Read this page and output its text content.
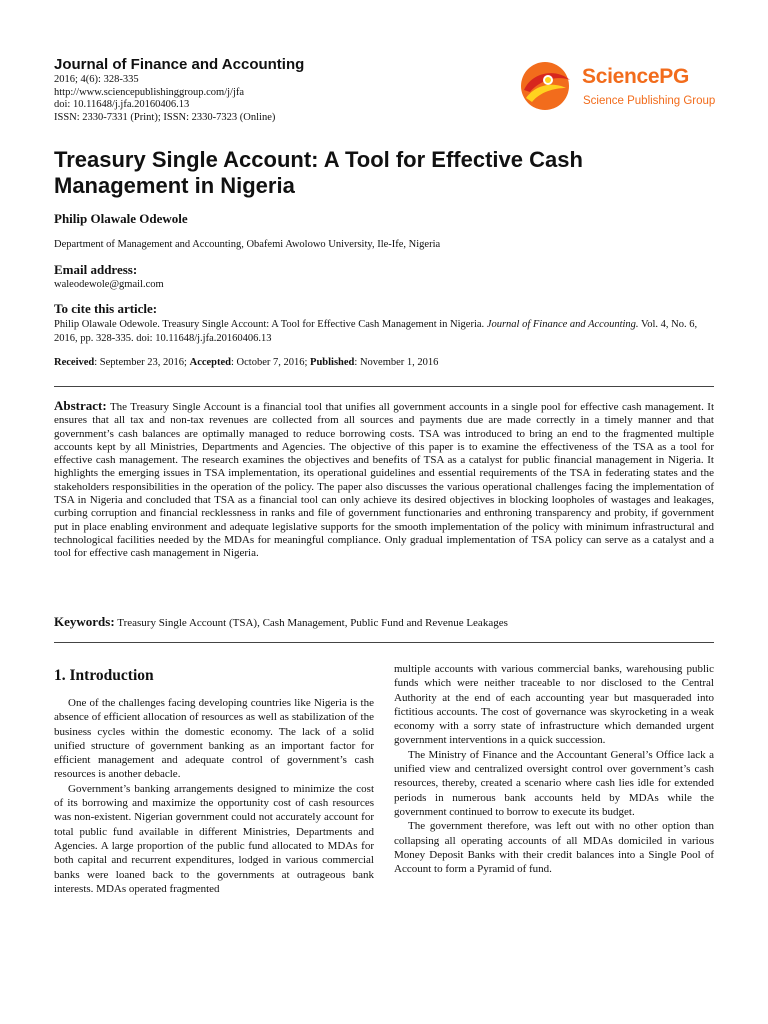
Journal of Finance and Accounting
2016; 4(6): 328-335
http://www.sciencepublishinggroup.com/j/jfa
doi: 10.11648/j.jfa.20160406.13
ISSN: 2330-7331 (Print); ISSN: 2330-7323 (Online)
SciencePG
Science Publishing Group
Treasury Single Account: A Tool for Effective Cash Management in Nigeria
Philip Olawale Odewole
Department of Management and Accounting, Obafemi Awolowo University, Ile-Ife, Nigeria
Email address:
waleodewole@gmail.com
To cite this article:
Philip Olawale Odewole. Treasury Single Account: A Tool for Effective Cash Management in Nigeria. Journal of Finance and Accounting. Vol. 4, No. 6, 2016, pp. 328-335. doi: 10.11648/j.jfa.20160406.13
Received: September 23, 2016; Accepted: October 7, 2016; Published: November 1, 2016
Abstract: The Treasury Single Account is a financial tool that unifies all government accounts in a single pool for effective cash management. It ensures that all tax and non-tax revenues are collected from all sources and payments due are made correctly in a timely manner and that government’s cash balances are optimally managed to reduce borrowing costs. TSA was introduced to bring an end to the fragmented multiple accounts kept by all Ministries, Departments and Agencies. The objective of this paper is to examine the effectiveness of the TSA as a tool for effective cash management. The research examines the objectives and benefits of TSA as a catalyst for public financial management in Nigeria. It highlights the emerging issues in TSA implementation, its operational guidelines and essential requirements of the TSA in federating states and the stakeholders responsibilities in the operation of the policy. The paper also discusses the various operational challenges facing the implementation of TSA in Nigeria and concluded that TSA as a financial tool can only achieve its desired objectives in blocking loopholes of wastages and leakages, curbing corruption and financial recklessness in ranks and file of government functionaries and enthroning transparency and probity, if government put in place enabling environment and adequate legislative supports for the smooth implementation of the policy with minimum infrastructural and technological facilities needed by the MDAs for meaningful compliance. Only gradual implementation of TSA policy can serve as a catalyst and a tool for effective cash management in Nigeria.
Keywords: Treasury Single Account (TSA), Cash Management, Public Fund and Revenue Leakages
1. Introduction

One of the challenges facing developing countries like Nigeria is the absence of efficient allocation of resources as well as stabilization of the business cycles within the domestic economy. The lack of a solid unified structure of government banking as an important factor for efficient management and adequate control of government’s cash resources is another debacle.

Government’s banking arrangements designed to minimize the cost of its borrowing and maximize the opportunity cost of cash resources was non-existent. Nigerian government could not accurately account for total public fund available in different Ministries, Departments and Agencies. A large proportion of the public fund allocated to MDAs for both capital and recurrent expenditures, lodged in various commercial banks were loaned back to the governments at outrageous bank interests. MDAs operated fragmented

multiple accounts with various commercial banks, warehousing public funds which were neither traceable to nor disclosed to the Central Authority at the end of each accounting year but masqueraded into fictitious accounts. The cost of governance was skyrocketing in a weak economy with a sorry state of infrastructure which demanded urgent government interventions in a quick succession.

The Ministry of Finance and the Accountant General’s Office lack a unified view and centralized oversight control over government’s cash resources, thereby, created a scenario where cash lies idle for extended periods in numerous bank accounts held by MDAs while the government continued to borrow to execute its budget.

The government therefore, was left out with no other option than collapsing all operating accounts of all MDAs domiciled in various Money Deposit Banks with their credit balances into a Single Pool of Account to form a Pyramid of fund.
